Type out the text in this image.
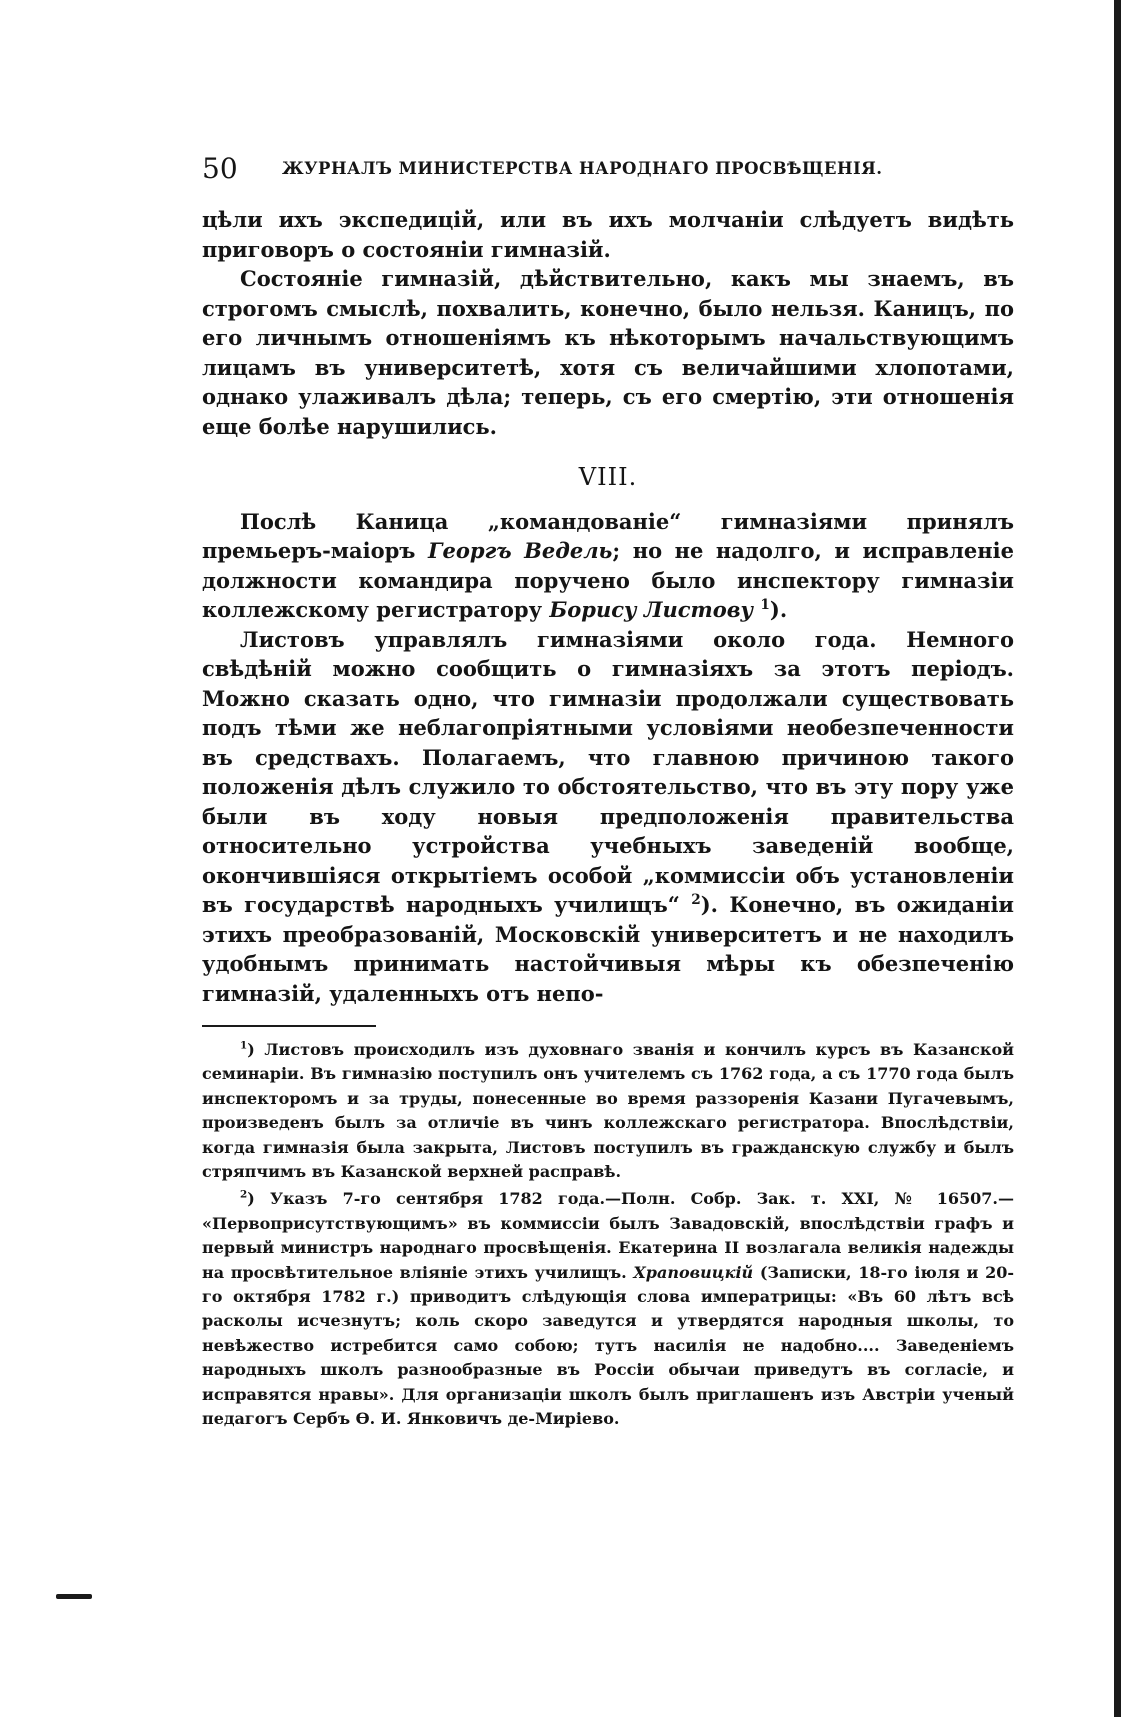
50	ЖУРНАЛЪ МИНИСТЕРСТВА НАРОДНАГО ПРОСВѢЩЕНІЯ.

цѣли ихъ экспедицій, или въ ихъ молчаніи слѣдуетъ видѣть приговоръ о состояніи гимназій.

Состояніе гимназій, дѣйствительно, какъ мы знаемъ, въ строгомъ смыслѣ, похвалить, конечно, было нельзя. Каницъ, по его личнымъ отношеніямъ къ нѣкоторымъ начальствующимъ лицамъ въ университетѣ, хотя съ величайшими хлопотами, однако улаживалъ дѣла; теперь, съ его смертію, эти отношенія еще болѣе нарушились.

VIII.

Послѣ Каница „командованіе“ гимназіями принялъ премьеръ-маіоръ Георгъ Ведель; но не надолго, и исправленіе должности командира поручено было инспектору гимназіи коллежскому регистратору Борису Листову $^1$).

Листовъ управлялъ гимназіями около года. Немного свѣдѣній можно сообщить о гимназіяхъ за этотъ періодъ. Можно сказать одно, что гимназіи продолжали существовать подъ тѣми же неблагопріятными условіями необезпеченности въ средствахъ. Полагаемъ, что главною причиною такого положенія дѣлъ служило то обстоятельство, что въ эту пору уже были въ ходу новыя предположенія правительства относительно устройства учебныхъ заведеній вообще, окончившіяся открытіемъ особой „коммиссіи объ установленіи въ государствѣ народныхъ училищъ“ $^2$). Конечно, въ ожиданіи этихъ преобразованій, Московскій университетъ и не находилъ удобнымъ принимать настойчивыя мѣры къ обезпеченію гимназій, удаленныхъ отъ непо-

$^1$) Листовъ происходилъ изъ духовнаго званія и кончилъ курсъ въ Казанской семинаріи. Въ гимназію поступилъ онъ учителемъ съ 1762 года, а съ 1770 года былъ инспекторомъ и за труды, понесенные во время раззоренія Казани Пугачевымъ, произведенъ былъ за отличіе въ чинъ коллежскаго регистратора. Впослѣдствіи, когда гимназія была закрыта, Листовъ поступилъ въ гражданскую службу и былъ стряпчимъ въ Казанской верхней расправѣ.

$^2$) Указъ 7-го сентября 1782 года.—Полн. Собр. Зак. т. XXI, № 16507.— «Первоприсутствующимъ» въ коммиссіи былъ Завадовскій, впослѣдствіи графъ и первый министръ народнаго просвѣщенія. Екатерина II возлагала великія надежды на просвѣтительное вліяніе этихъ училищъ. Храповицкій (Записки, 18-го іюля и 20-го октября 1782 г.) приводитъ слѣдующія слова императрицы: «Въ 60 лѣтъ всѣ расколы исчезнутъ; коль скоро заведутся и утвердятся народныя школы, то невѣжество истребится само собою; тутъ насилія не надобно.... Заведеніемъ народныхъ школъ разнообразные въ Россіи обычаи приведутъ въ согласіе, и исправятся нравы». Для организаціи школъ былъ приглашенъ изъ Австріи ученый педагогъ Сербъ Ѳ. И. Янковичъ де-Миріево.
